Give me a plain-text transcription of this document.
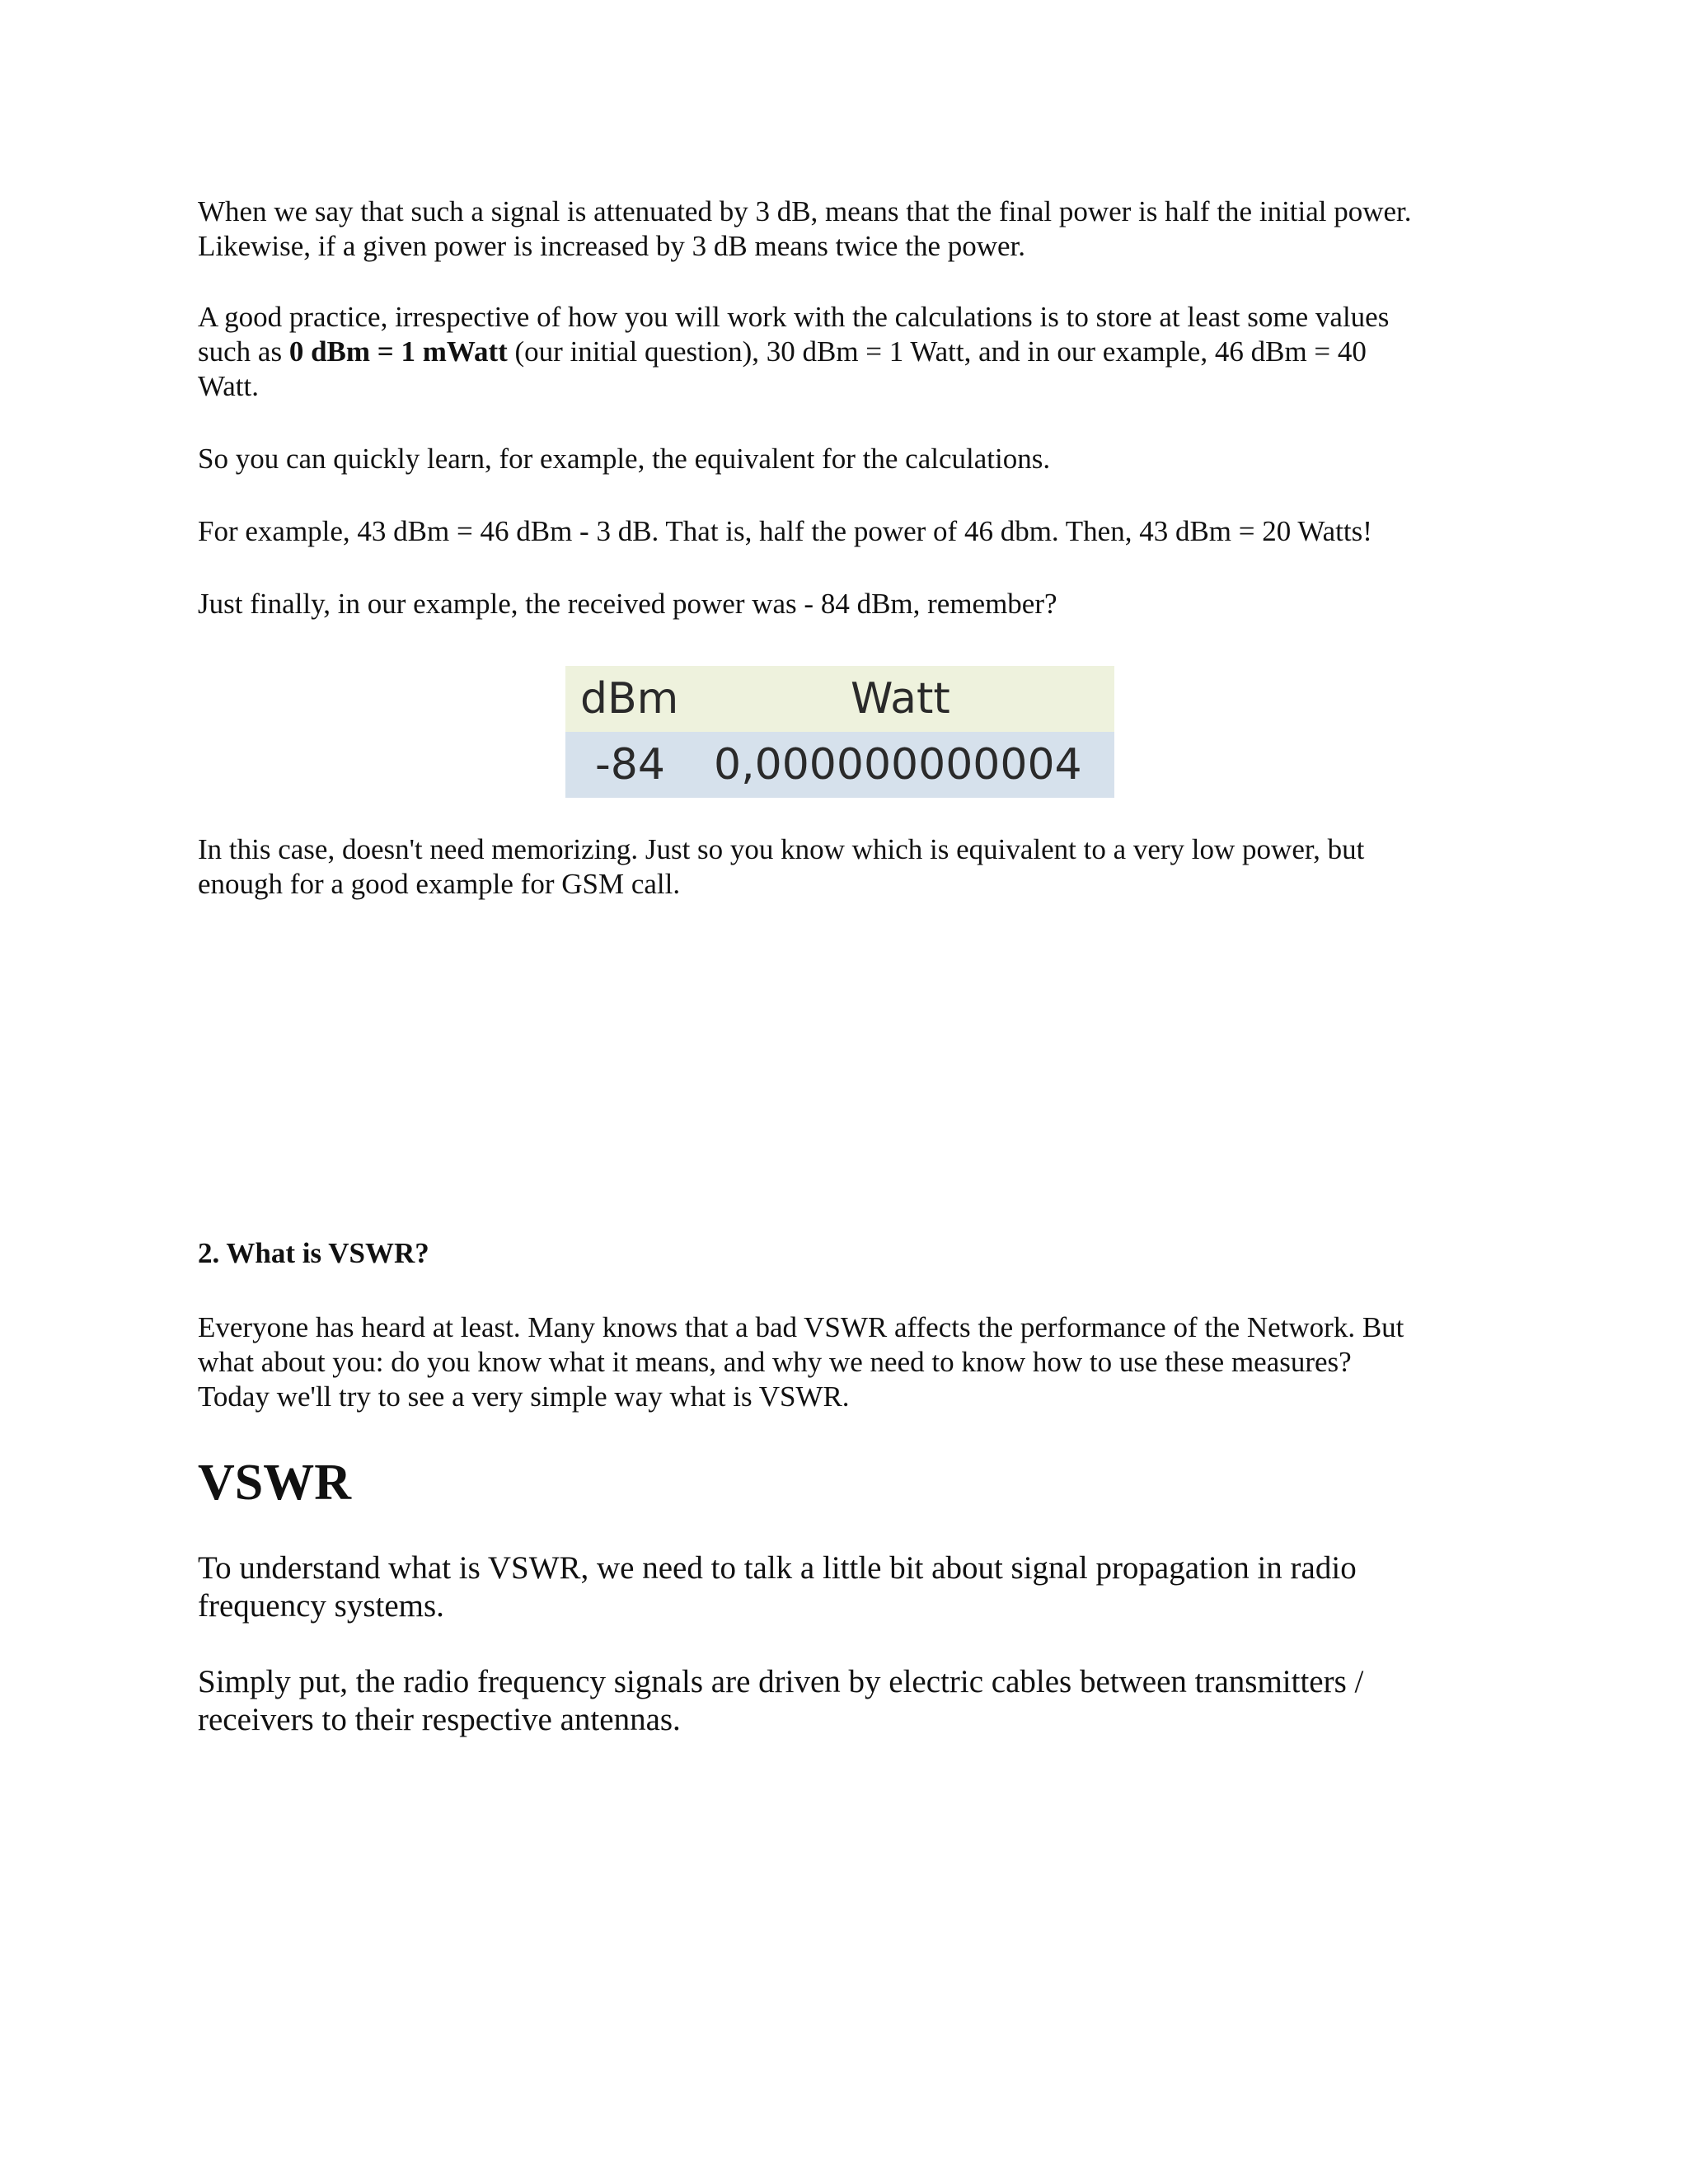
When we say that such a signal is attenuated by 3 dB, means that the final power is half the initial power.

Likewise, if a given power is increased by 3 dB means twice the power.

A good practice, irrespective of how you will work with the calculations is to store at least some values

such as 0 dBm = 1 mWatt (our initial question), 30 dBm = 1 Watt, and in our example, 46 dBm = 40

Watt.

So you can quickly learn, for example, the equivalent for the calculations.

For example, 43 dBm = 46 dBm - 3 dB. That is, half the power of 46 dbm. Then, 43 dBm = 20 Watts!

Just finally, in our example, the received power was - 84 dBm, remember?

dBm	Watt
-84 0,000000000004

In this case, doesn't need memorizing. Just so you know which is equivalent to a very low power, but

enough for a good example for GSM call.

2. What is VSWR?

Everyone has heard at least. Many knows that a bad VSWR affects the performance of the Network. But

what about you: do you know what it means, and why we need to know how to use these measures?

Today we'll try to see a very simple way what is VSWR.

VSWR

To understand what is VSWR, we need to talk a little bit about signal propagation in radio

frequency systems.

Simply put, the radio frequency signals are driven by electric cables between transmitters /

receivers to their respective antennas.
